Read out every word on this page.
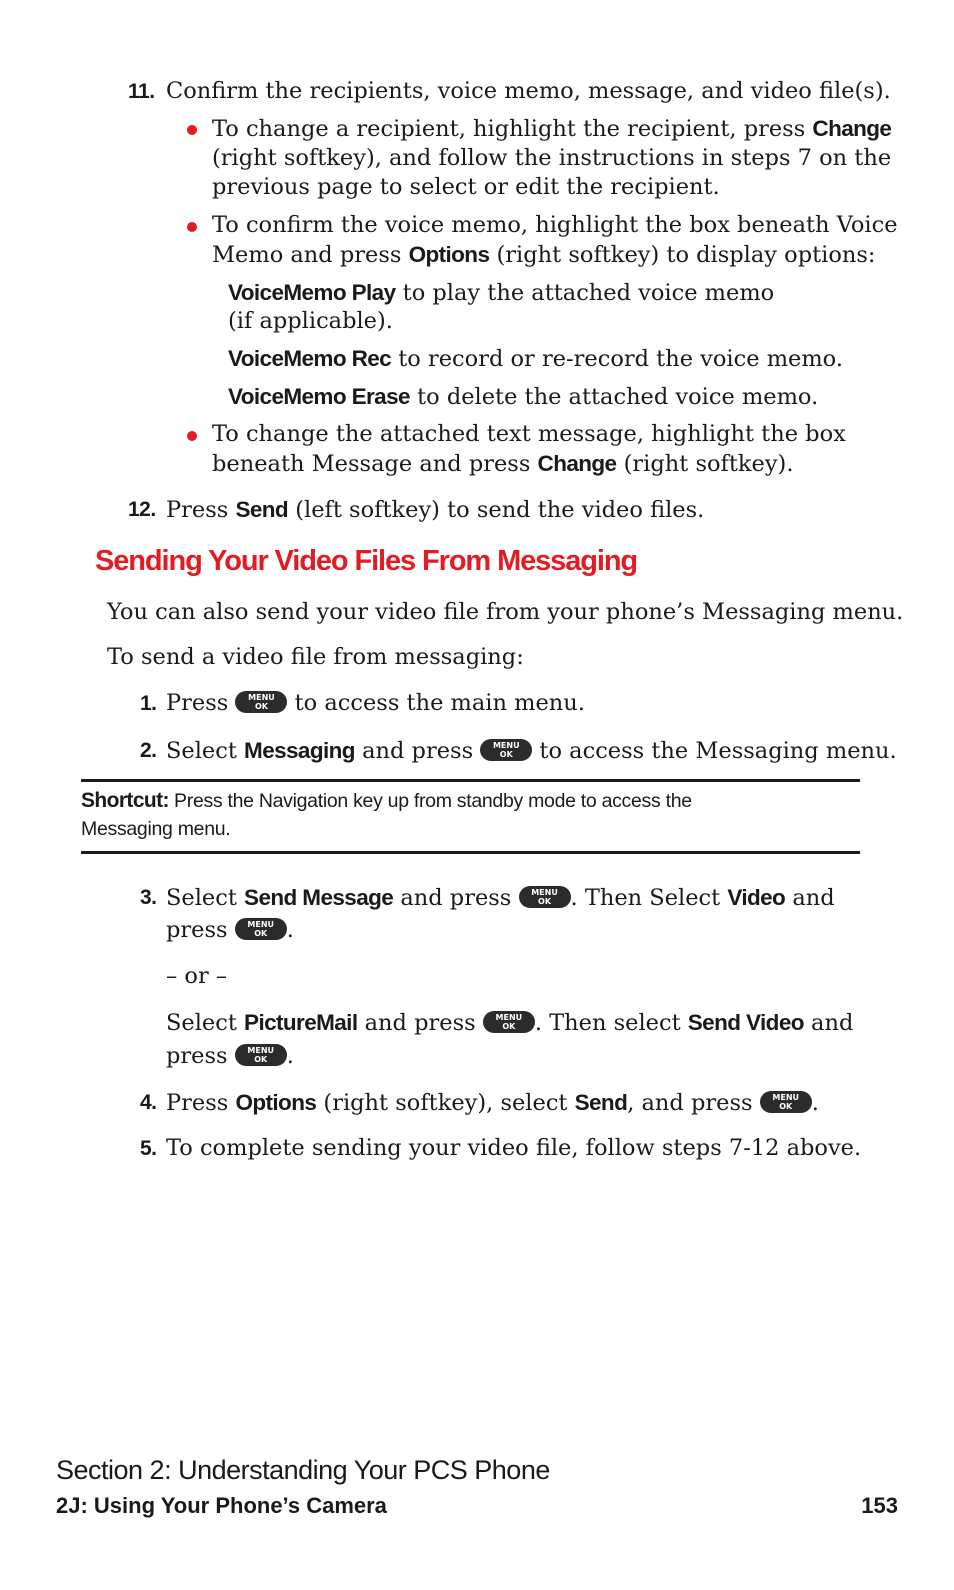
11. Confirm the recipients, voice memo, message, and video file(s).
To change a recipient, highlight the recipient, press Change
(right softkey), and follow the instructions in steps 7 on the
previous page to select or edit the recipient.
To confirm the voice memo, highlight the box beneath Voice
Memo and press Options (right softkey) to display options:
VoiceMemo Play to play the attached voice memo
(if applicable).
VoiceMemo Rec to record or re-record the voice memo.
VoiceMemo Erase to delete the attached voice memo.
To change the attached text message, highlight the box
beneath Message and press Change (right softkey).
12. Press Send (left softkey) to send the video files.
Sending Your Video Files From Messaging
You can also send your video file from your phone’s Messaging menu.
To send a video file from messaging:
1. Press MENU
OK to access the main menu.
2. Select Messaging and press MENU
OK to access the Messaging menu.
Shortcut: Press the Navigation key up from standby mode to access the
Messaging menu.
3. Select Send Message and press MENU
OK . Then Select Video and
press MENU
OK .
– or –
Select PictureMail and press MENU
OK . Then select Send Video and
press MENU
OK .
4. Press Options (right softkey), select Send, and press MENU
OK .
5. To complete sending your video file, follow steps 7-12 above.
Section 2: Understanding Your PCS Phone
2J: Using Your Phone’s Camera	153
